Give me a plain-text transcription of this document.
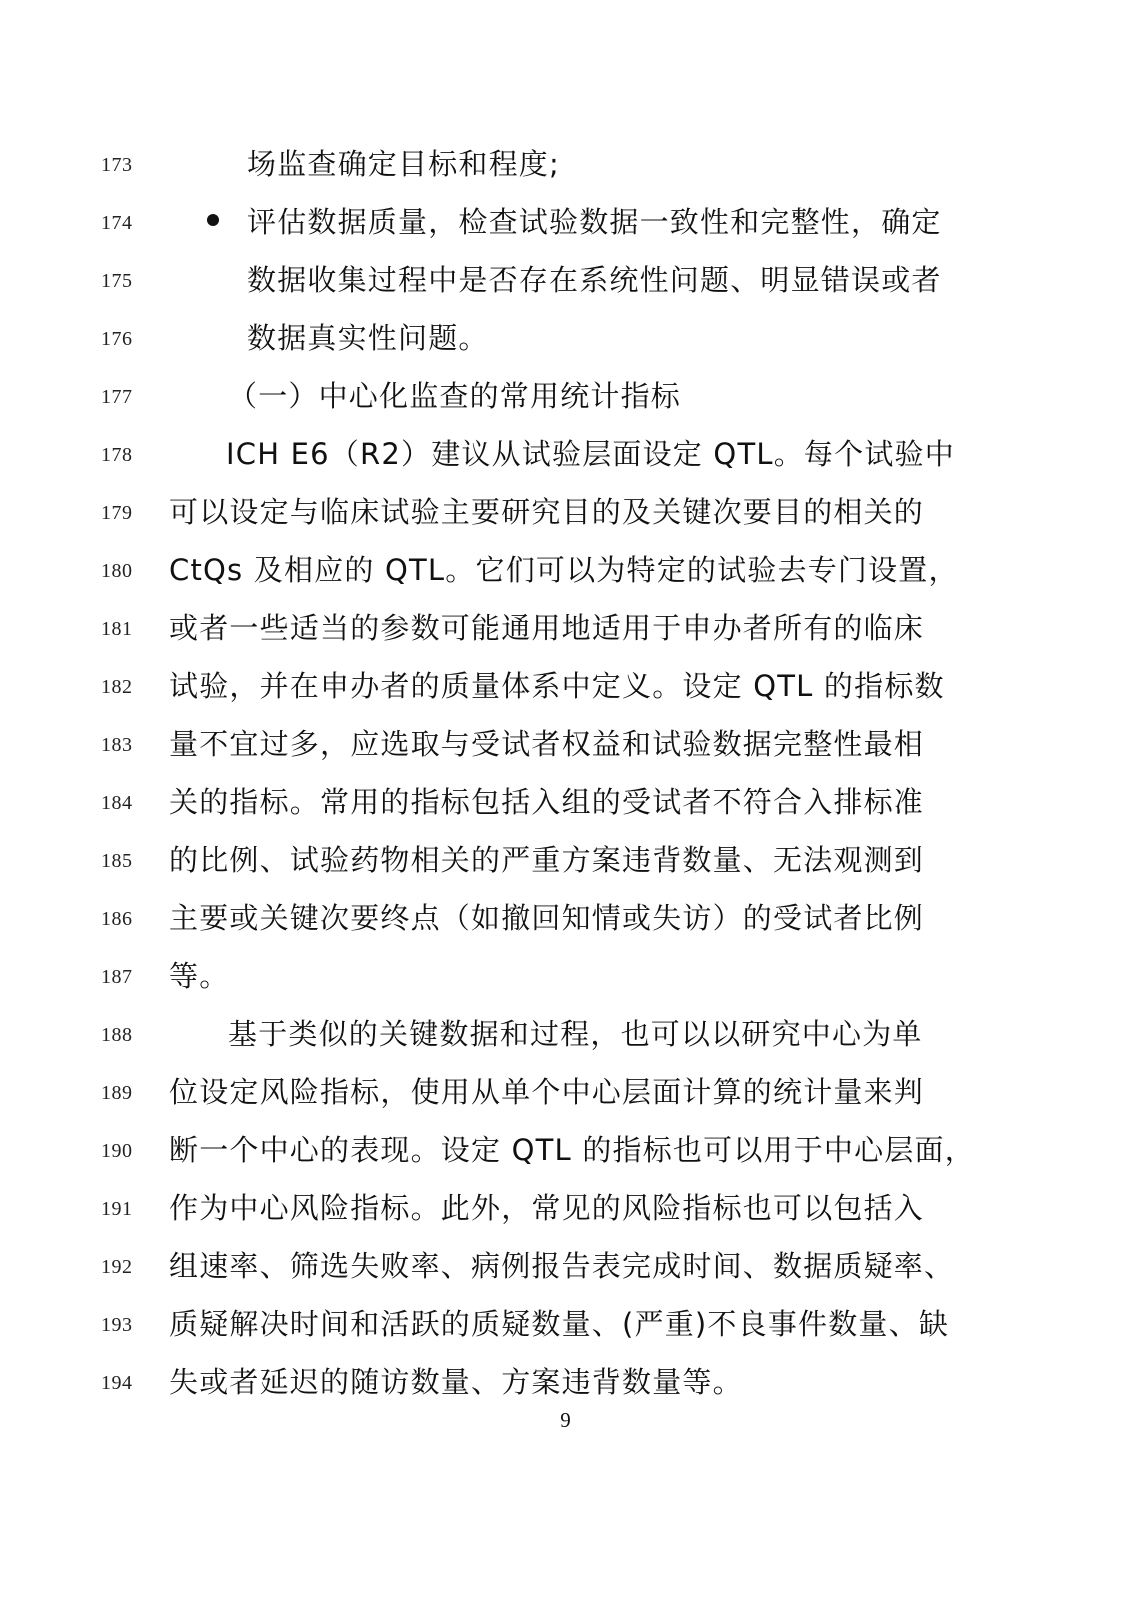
173	场监查确定目标和程度;
174	评估数据质量，检查试验数据一致性和完整性，确定
175	数据收集过程中是否存在系统性问题、明显错误或者
176	数据真实性问题。
177	（一）中心化监查的常用统计指标
178	ICH E6（R2）建议从试验层面设定 QTL。每个试验中
179	可以设定与临床试验主要研究目的及关键次要目的相关的
180	CtQs 及相应的 QTL。它们可以为特定的试验去专门设置，
181	或者一些适当的参数可能通用地适用于申办者所有的临床
182	试验，并在申办者的质量体系中定义。设定 QTL 的指标数
183	量不宜过多，应选取与受试者权益和试验数据完整性最相
184	关的指标。常用的指标包括入组的受试者不符合入排标准
185	的比例、试验药物相关的严重方案违背数量、无法观测到
186	主要或关键次要终点（如撤回知情或失访）的受试者比例
187	等。
188	基于类似的关键数据和过程，也可以以研究中心为单
189	位设定风险指标，使用从单个中心层面计算的统计量来判
190	断一个中心的表现。设定 QTL 的指标也可以用于中心层面，
191	作为中心风险指标。此外，常见的风险指标也可以包括入
192	组速率、筛选失败率、病例报告表完成时间、数据质疑率、
193	质疑解决时间和活跃的质疑数量、(严重)不良事件数量、缺
194	失或者延迟的随访数量、方案违背数量等。
9
